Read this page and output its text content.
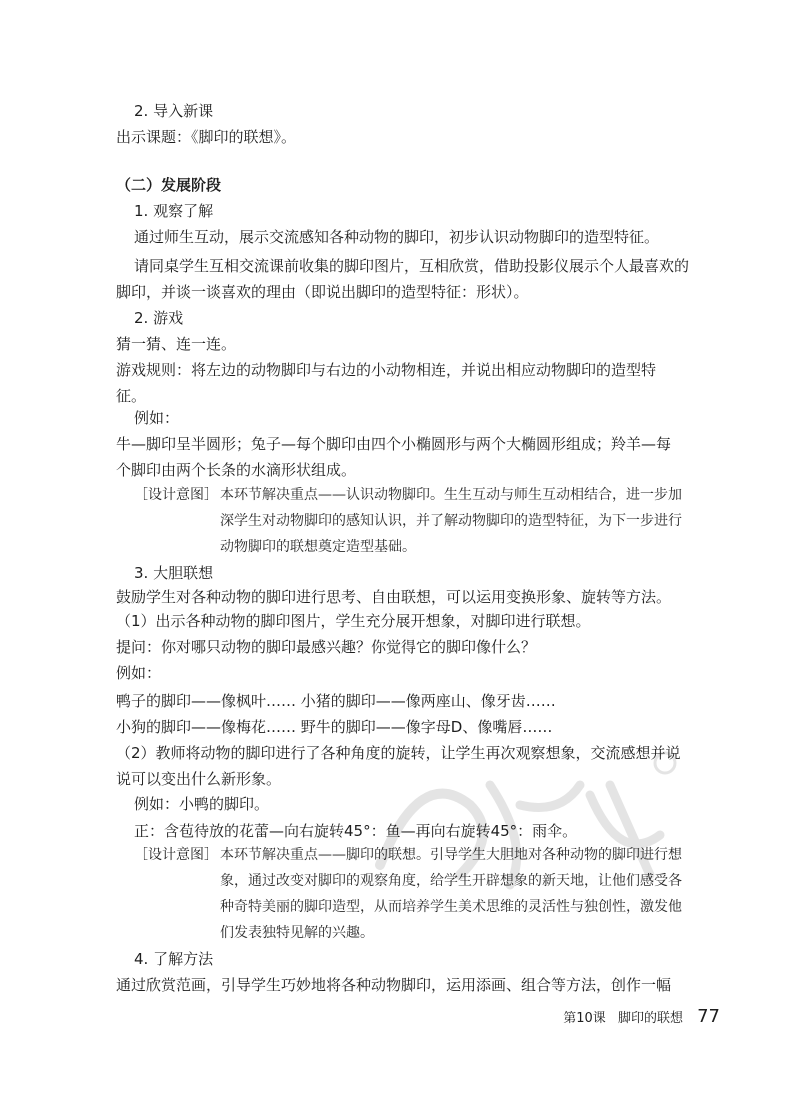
2. 导入新课
出示课题：《脚印的联想》。
（二）发展阶段
1. 观察了解
通过师生互动，展示交流感知各种动物的脚印，初步认识动物脚印的造型特征。
请同桌学生互相交流课前收集的脚印图片，互相欣赏，借助投影仪展示个人最喜欢的
脚印，并谈一谈喜欢的理由（即说出脚印的造型特征：形状）。
2. 游戏
猜一猜、连一连。
游戏规则：将左边的动物脚印与右边的小动物相连，并说出相应动物脚印的造型特
征。
例如：
牛—脚印呈半圆形；兔子—每个脚印由四个小椭圆形与两个大椭圆形组成；羚羊—每
个脚印由两个长条的水滴形状组成。
［设计意图］ 本环节解决重点——认识动物脚印。生生互动与师生互动相结合，进一步加
深学生对动物脚印的感知认识，并了解动物脚印的造型特征，为下一步进行
动物脚印的联想奠定造型基础。
3. 大胆联想
鼓励学生对各种动物的脚印进行思考、自由联想，可以运用变换形象、旋转等方法。
（1）出示各种动物的脚印图片，学生充分展开想象，对脚印进行联想。
提问：你对哪只动物的脚印最感兴趣？你觉得它的脚印像什么？
例如：
鸭子的脚印——像枫叶…… 小猪的脚印——像两座山、像牙齿……
小狗的脚印——像梅花…… 野牛的脚印——像字母D、像嘴唇……
（2）教师将动物的脚印进行了各种角度的旋转，让学生再次观察想象，交流感想并说
说可以变出什么新形象。
例如：小鸭的脚印。
正：含苞待放的花蕾—向右旋转45°：鱼—再向右旋转45°：雨伞。
［设计意图］ 本环节解决重点——脚印的联想。引导学生大胆地对各种动物的脚印进行想
象，通过改变对脚印的观察角度，给学生开辟想象的新天地，让他们感受各
种奇特美丽的脚印造型，从而培养学生美术思维的灵活性与独创性，激发他
们发表独特见解的兴趣。
4. 了解方法
通过欣赏范画，引导学生巧妙地将各种动物脚印，运用添画、组合等方法，创作一幅
第10课 脚印的联想 77
